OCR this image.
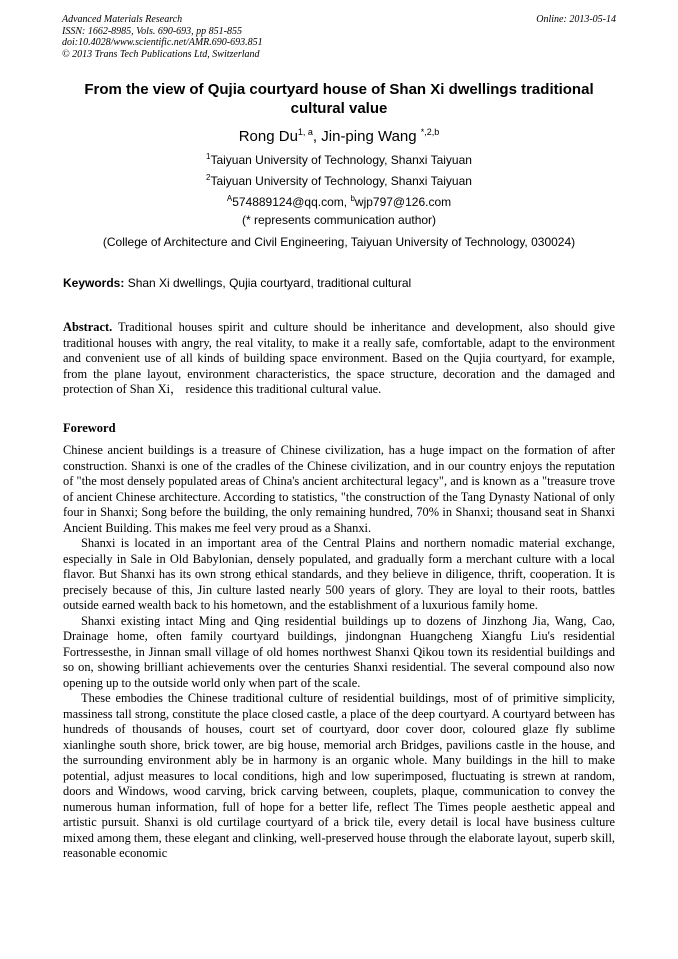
Advanced Materials Research
ISSN: 1662-8985, Vols. 690-693, pp 851-855
doi:10.4028/www.scientific.net/AMR.690-693.851
© 2013 Trans Tech Publications Ltd, Switzerland
Online: 2013-05-14
From the view of Qujia courtyard house of Shan Xi dwellings traditional cultural value
Rong Du$^{1, a}$, Jin-ping Wang $^{*,2,b}$
$^1$Taiyuan University of Technology, Shanxi Taiyuan
$^2$Taiyuan University of Technology, Shanxi Taiyuan
$^A$574889124@qq.com, $^b$wjp797@126.com
(* represents communication author)
(College of Architecture and Civil Engineering, Taiyuan University of Technology, 030024)
Keywords: Shan Xi dwellings, Qujia courtyard, traditional cultural

Abstract. Traditional houses spirit and culture should be inheritance and development, also should give traditional houses with angry, the real vitality, to make it a really safe, comfortable, adapt to the environment and convenient use of all kinds of building space environment. Based on the Qujia courtyard, for example, from the plane layout, environment characteristics, the space structure, decoration and the damaged and protection of Shan Xi， residence this traditional cultural value.

Foreword

Chinese ancient buildings is a treasure of Chinese civilization, has a huge impact on the formation of after construction. Shanxi is one of the cradles of the Chinese civilization, and in our country enjoys the reputation of "the most densely populated areas of China's ancient architectural legacy", and is known as a "treasure trove of ancient Chinese architecture. According to statistics, "the construction of the Tang Dynasty National of only four in Shanxi; Song before the building, the only remaining hundred, 70% in Shanxi; thousand seat in Shanxi Ancient Building. This makes me feel very proud as a Shanxi.

Shanxi is located in an important area of the Central Plains and northern nomadic material exchange, especially in Sale in Old Babylonian, densely populated, and gradually form a merchant culture with a local flavor. But Shanxi has its own strong ethical standards, and they believe in diligence, thrift, cooperation. It is precisely because of this, Jin culture lasted nearly 500 years of glory. They are loyal to their roots, battles outside earned wealth back to his hometown, and the establishment of a luxurious family home.

Shanxi existing intact Ming and Qing residential buildings up to dozens of Jinzhong Jia, Wang, Cao, Drainage home, often family courtyard buildings, jindongnan Huangcheng Xiangfu Liu's residential Fortressesthe, in Jinnan small village of old homes northwest Shanxi Qikou town its residential buildings and so on, showing brilliant achievements over the centuries Shanxi residential. The several compound also now opening up to the outside world only when part of the scale.

These embodies the Chinese traditional culture of residential buildings, most of of primitive simplicity, massiness tall strong, constitute the place closed castle, a place of the deep courtyard. A courtyard between has hundreds of thousands of houses, court set of courtyard, door cover door, coloured glaze fly sublime xianlinghe south shore, brick tower, are big house, memorial arch Bridges, pavilions castle in the house, and the surrounding environment ably be in harmony is an organic whole. Many buildings in the hill to make potential, adjust measures to local conditions, high and low superimposed, fluctuating is strewn at random, doors and Windows, wood carving, brick carving between, couplets, plaque, communication to convey the numerous human information, full of hope for a better life, reflect The Times people aesthetic appeal and artistic pursuit. Shanxi is old curtilage courtyard of a brick tile, every detail is local have business culture mixed among them, these elegant and clinking, well-preserved house through the elaborate layout, superb skill, reasonable economic
